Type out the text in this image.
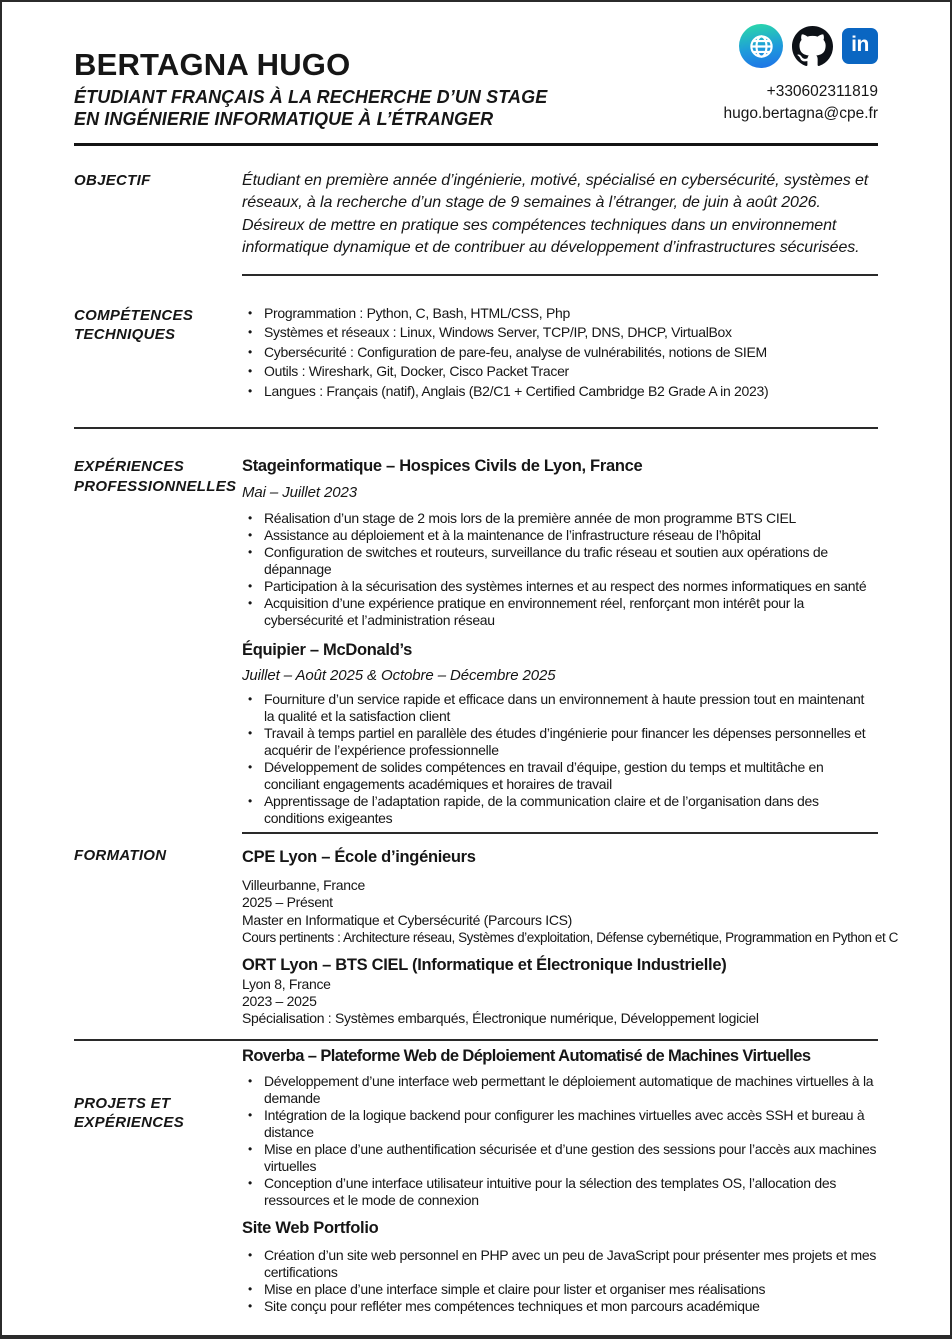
BERTAGNA HUGO
ÉTUDIANT FRANÇAIS À LA RECHERCHE D’UN STAGE
EN INGÉNIERIE INFORMATIQUE À L’ÉTRANGER
in
+330602311819
hugo.bertagna@cpe.fr
OBJECTIF	Étudiant en première année d’ingénierie, motivé, spécialisé en cybersécurité, systèmes et réseaux, à la recherche d’un stage de 9 semaines à l’étranger, de juin à août 2026. Désireux de mettre en pratique ses compétences techniques dans un environnement informatique dynamique et de contribuer au développement d’infrastructures sécurisées.

COMPÉTENCES
TECHNIQUES
• Programmation : Python, C, Bash, HTML/CSS, Php
• Systèmes et réseaux : Linux, Windows Server, TCP/IP, DNS, DHCP, VirtualBox
• Cybersécurité : Configuration de pare-feu, analyse de vulnérabilités, notions de SIEM
• Outils : Wireshark, Git, Docker, Cisco Packet Tracer
• Langues : Français (natif), Anglais (B2/C1 + Certified Cambridge B2 Grade A in 2023)
EXPÉRIENCES
PROFESSIONNELLES
Stageinformatique – Hospices Civils de Lyon, France
Mai – Juillet 2023
• Réalisation d’un stage de 2 mois lors de la première année de mon programme BTS CIEL
• Assistance au déploiement et à la maintenance de l’infrastructure réseau de l’hôpital
• Configuration de switches et routeurs, surveillance du trafic réseau et soutien aux opérations de dépannage
• Participation à la sécurisation des systèmes internes et au respect des normes informatiques en santé
• Acquisition d’une expérience pratique en environnement réel, renforçant mon intérêt pour la cybersécurité et l’administration réseau
Équipier – McDonald’s
Juillet – Août 2025 & Octobre – Décembre 2025
• Fourniture d’un service rapide et efficace dans un environnement à haute pression tout en maintenant la qualité et la satisfaction client
• Travail à temps partiel en parallèle des études d’ingénierie pour financer les dépenses personnelles et acquérir de l’expérience professionnelle
• Développement de solides compétences en travail d’équipe, gestion du temps et multitâche en conciliant engagements académiques et horaires de travail
• Apprentissage de l’adaptation rapide, de la communication claire et de l’organisation dans des conditions exigeantes
FORMATION	CPE Lyon – École d’ingénieurs
Villeurbanne, France
2025 – Présent
Master en Informatique et Cybersécurité (Parcours ICS)
Cours pertinents : Architecture réseau, Systèmes d’exploitation, Défense cybernétique, Programmation en Python et C
ORT Lyon – BTS CIEL (Informatique et Électronique Industrielle)
Lyon 8, France
2023 – 2025
Spécialisation : Systèmes embarqués, Électronique numérique, Développement logiciel
PROJETS ET
EXPÉRIENCES
Roverba – Plateforme Web de Déploiement Automatisé de Machines Virtuelles
• Développement d’une interface web permettant le déploiement automatique de machines virtuelles à la demande
• Intégration de la logique backend pour configurer les machines virtuelles avec accès SSH et bureau à distance
• Mise en place d’une authentification sécurisée et d’une gestion des sessions pour l’accès aux machines virtuelles
• Conception d’une interface utilisateur intuitive pour la sélection des templates OS, l’allocation des ressources et le mode de connexion
Site Web Portfolio
• Création d’un site web personnel en PHP avec un peu de JavaScript pour présenter mes projets et mes certifications
• Mise en place d’une interface simple et claire pour lister et organiser mes réalisations
• Site conçu pour refléter mes compétences techniques et mon parcours académique
